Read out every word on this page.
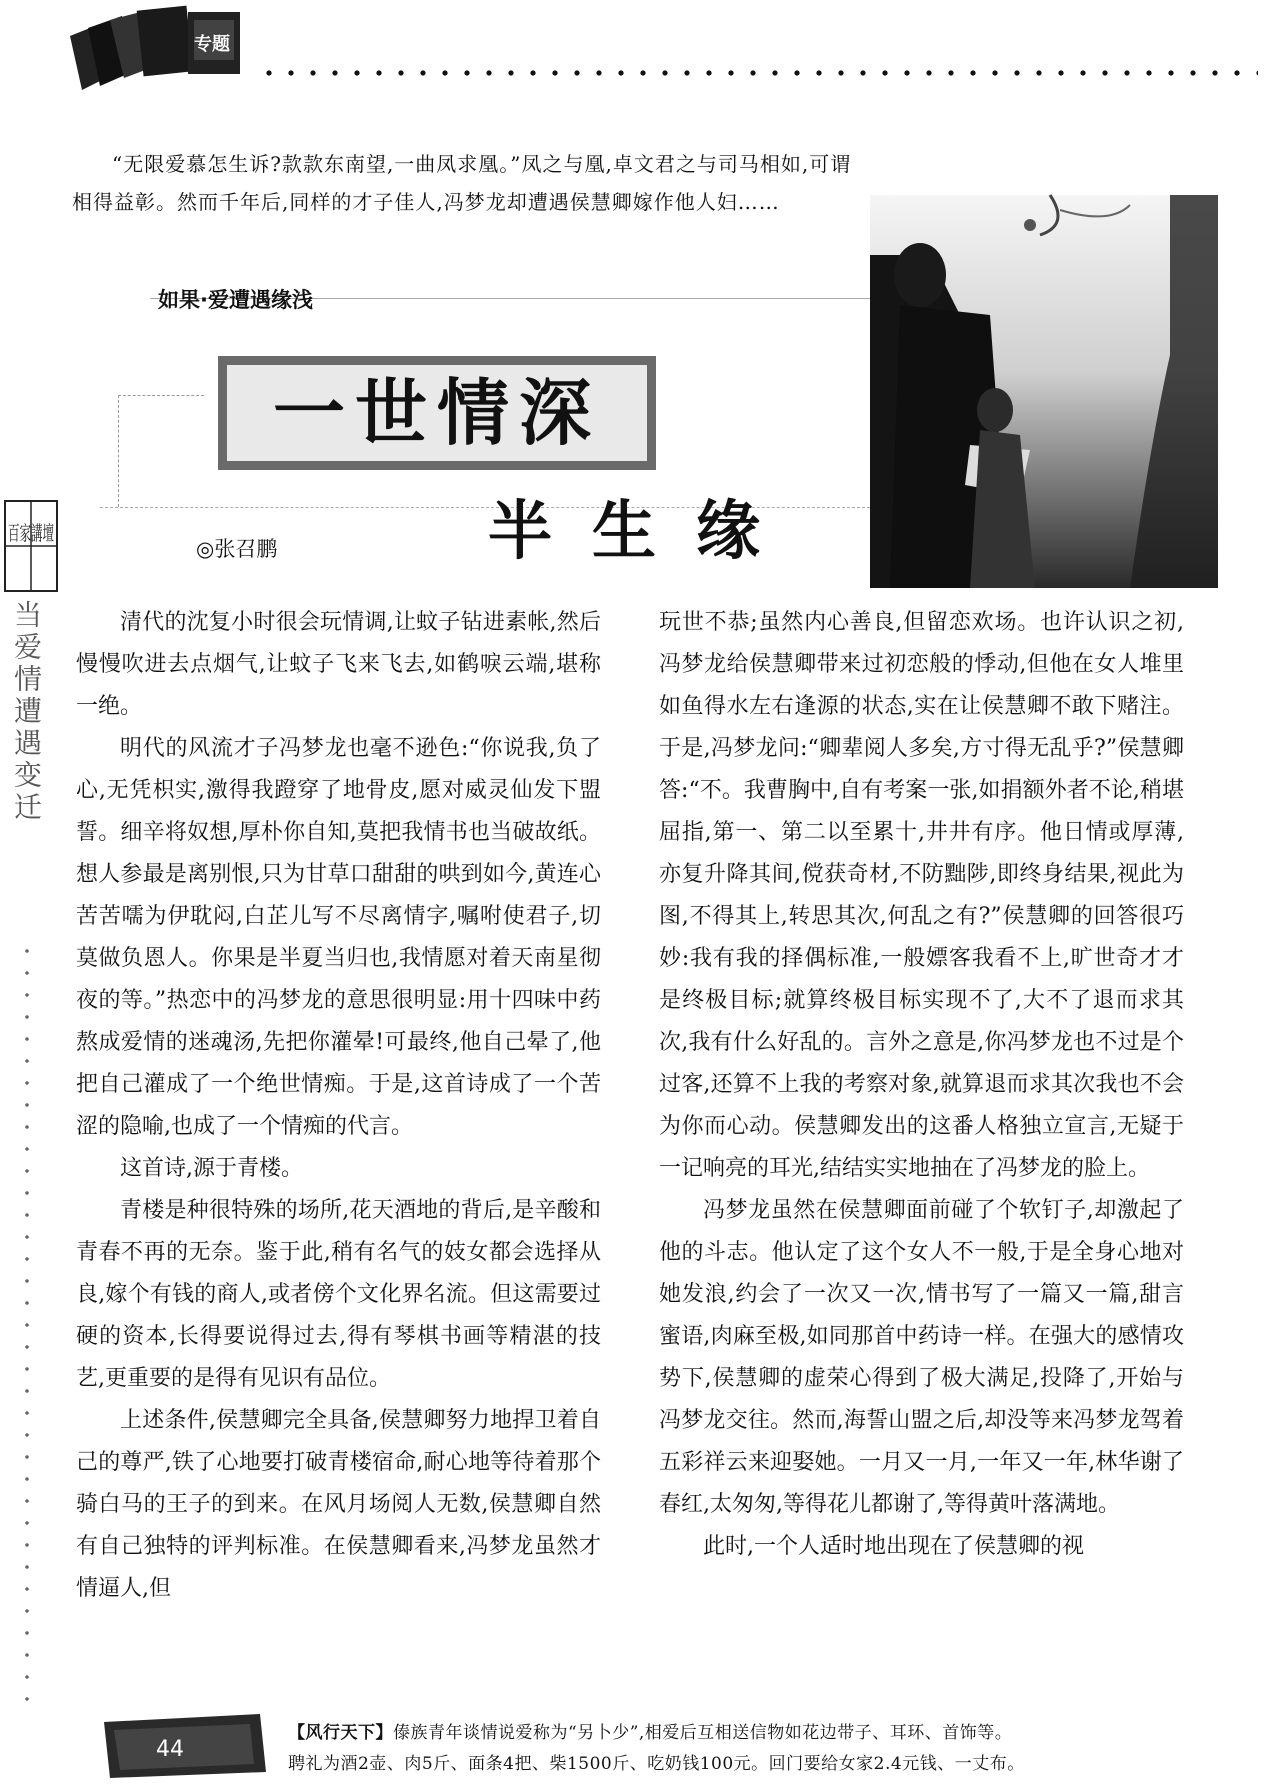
专题

“无限爱慕怎生诉?款款东南望,一曲凤求凰。”凤之与凰,卓文君之与司马相如,可谓

相得益彰。然而千年后,同样的才子佳人,冯梦龙却遭遇侯慧卿嫁作他人妇……

如果·爱遭遇缘浅
一世情深
半生缘
◎张召鹏
百家講壇
当爱情遭遇变迁	清代的沈复小时很会玩情调,让蚊子钻进素帐,然后慢慢吹进去点烟气,让蚊子飞来飞去,如鹤唳云端,堪称一绝。

明代的风流才子冯梦龙也毫不逊色:“你说我,负了心,无凭枳实,激得我蹬穿了地骨皮,愿对威灵仙发下盟誓。细辛将奴想,厚朴你自知,莫把我情书也当破故纸。想人参最是离别恨,只为甘草口甜甜的哄到如今,黄连心苦苦嚅为伊耽闷,白芷儿写不尽离情字,嘱咐使君子,切莫做负恩人。你果是半夏当归也,我情愿对着天南星彻夜的等。”热恋中的冯梦龙的意思很明显:用十四味中药熬成爱情的迷魂汤,先把你灌晕!可最终,他自己晕了,他把自己灌成了一个绝世情痴。于是,这首诗成了一个苦涩的隐喻,也成了一个情痴的代言。

这首诗,源于青楼。

青楼是种很特殊的场所,花天酒地的背后,是辛酸和青春不再的无奈。鉴于此,稍有名气的妓女都会选择从良,嫁个有钱的商人,或者傍个文化界名流。但这需要过硬的资本,长得要说得过去,得有琴棋书画等精湛的技艺,更重要的是得有见识有品位。

上述条件,侯慧卿完全具备,侯慧卿努力地捍卫着自己的尊严,铁了心地要打破青楼宿命,耐心地等待着那个骑白马的王子的到来。在风月场阅人无数,侯慧卿自然有自己独特的评判标准。在侯慧卿看来,冯梦龙虽然才情逼人,但

玩世不恭;虽然内心善良,但留恋欢场。也许认识之初,冯梦龙给侯慧卿带来过初恋般的悸动,但他在女人堆里如鱼得水左右逢源的状态,实在让侯慧卿不敢下赌注。于是,冯梦龙问:“卿辈阅人多矣,方寸得无乱乎?”侯慧卿答:“不。我曹胸中,自有考案一张,如捐额外者不论,稍堪屈指,第一、第二以至累十,井井有序。他日情或厚薄,亦复升降其间,傥获奇材,不防黜陟,即终身结果,视此为图,不得其上,转思其次,何乱之有?”侯慧卿的回答很巧妙:我有我的择偶标准,一般嫖客我看不上,旷世奇才才是终极目标;就算终极目标实现不了,大不了退而求其次,我有什么好乱的。言外之意是,你冯梦龙也不过是个过客,还算不上我的考察对象,就算退而求其次我也不会为你而心动。侯慧卿发出的这番人格独立宣言,无疑于一记响亮的耳光,结结实实地抽在了冯梦龙的脸上。

冯梦龙虽然在侯慧卿面前碰了个软钉子,却激起了他的斗志。他认定了这个女人不一般,于是全身心地对她发浪,约会了一次又一次,情书写了一篇又一篇,甜言蜜语,肉麻至极,如同那首中药诗一样。在强大的感情攻势下,侯慧卿的虚荣心得到了极大满足,投降了,开始与冯梦龙交往。然而,海誓山盟之后,却没等来冯梦龙驾着五彩祥云来迎娶她。一月又一月,一年又一年,林华谢了春红,太匆匆,等得花儿都谢了,等得黄叶落满地。

此时,一个人适时地出现在了侯慧卿的视

44
【风行天下】傣族青年谈情说爱称为“另卜少”,相爱后互相送信物如花边带子、耳环、首饰等。
聘礼为酒2壶、肉5斤、面条4把、柴1500斤、吃奶钱100元。回门要给女家2.4元钱、一丈布。
